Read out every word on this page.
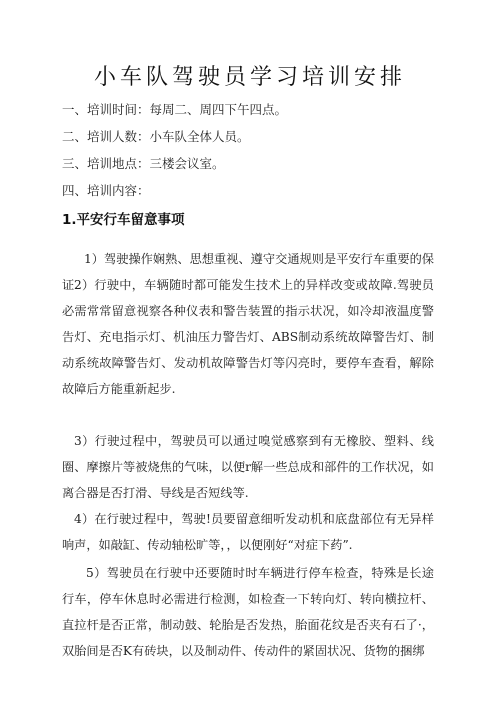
小车队驾驶员学习培训安排
一、培训时间：每周二、周四下午四点。
二、培训人数：小车队全体人员。
三、培训地点：三楼会议室。
四、培训内容：
1.平安行车留意事项
1）驾驶操作娴熟、思想重视、遵守交通规则是平安行车重要的保证.
2）行驶中，车辆随时都可能发生技术上的异样改变或故障.驾驶员必需常常留意视察各种仪表和警告装置的指示状况，如冷却液温度警告灯、充电指示灯、机油压力警告灯、ABS制动系统故障警告灯、制动系统故障警告灯、发动机故障警告灯等闪亮时，要停车查看，解除故障后方能重新起步.
3）行驶过程中，驾驶员可以通过嗅觉感察到有无橡胶、塑料、线圈、摩擦片等被烧焦的气味，以便r解一些总成和部件的工作状况，如离合器是否打滑、导线是否短线等.
4）在行驶过程中，驾驶!员要留意细听发动机和底盘部位有无异样响声，如敲缸、传动轴松旷等，，以便刚好“对症下药”.
5）驾驶员在行驶中还要随时时车辆进行停车检查，特殊是长途行车，停车休息时必需进行检测，如检查一下转向灯、转向横拉杆、直拉杆是否正常，制动鼓、轮胎是否发热，胎面花纹是否夹有石了·，双胎间是否K有砖块，以及制动件、传动件的紧固状况、货物的捆绑
